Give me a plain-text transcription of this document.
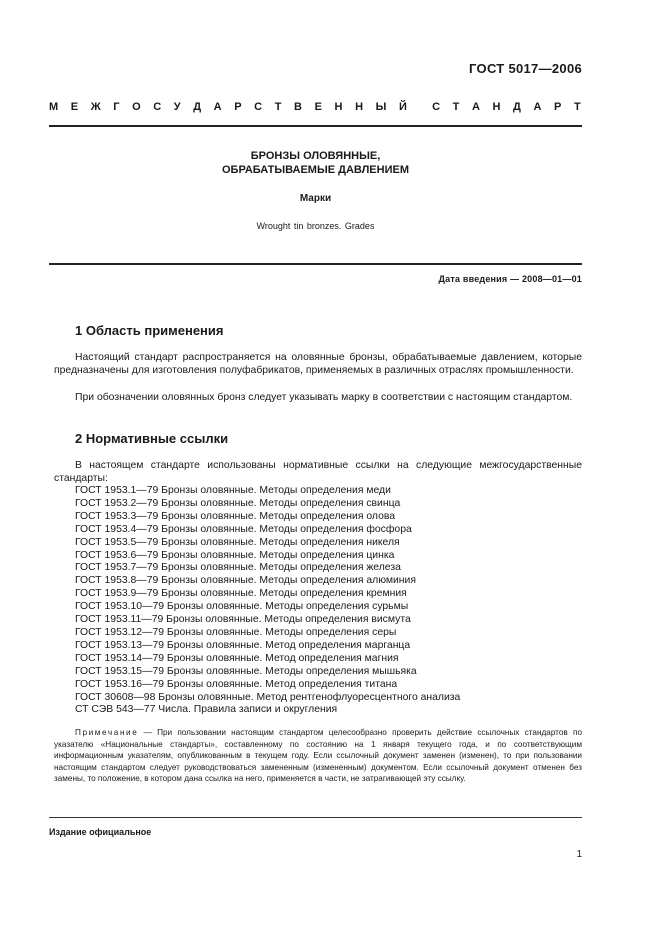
ГОСТ 5017—2006
М Е Ж Г О С У Д А Р С Т В Е Н Н Ы Й С Т А Н Д А Р Т
БРОНЗЫ ОЛОВЯННЫЕ,
ОБРАБАТЫВАЕМЫЕ ДАВЛЕНИЕМ
Марки
Wrought tin bronzes. Grades
Дата введения — 2008—01—01
1 Область применения

Настоящий стандарт распространяется на оловянные бронзы, обрабатываемые давлением, которые предназначены для изготовления полуфабрикатов, применяемых в различных отраслях промышленности.

При обозначении оловянных бронз следует указывать марку в соответствии с настоящим стандартом.

2 Нормативные ссылки

В настоящем стандарте использованы нормативные ссылки на следующие межгосударственные стандарты:

ГОСТ 1953.1—79 Бронзы оловянные. Методы определения меди
ГОСТ 1953.2—79 Бронзы оловянные. Методы определения свинца
ГОСТ 1953.3—79 Бронзы оловянные. Методы определения олова
ГОСТ 1953.4—79 Бронзы оловянные. Методы определения фосфора
ГОСТ 1953.5—79 Бронзы оловянные. Методы определения никеля
ГОСТ 1953.6—79 Бронзы оловянные. Методы определения цинка
ГОСТ 1953.7—79 Бронзы оловянные. Методы определения железа
ГОСТ 1953.8—79 Бронзы оловянные. Методы определения алюминия
ГОСТ 1953.9—79 Бронзы оловянные. Методы определения кремния
ГОСТ 1953.10—79 Бронзы оловянные. Методы определения сурьмы
ГОСТ 1953.11—79 Бронзы оловянные. Методы определения висмута
ГОСТ 1953.12—79 Бронзы оловянные. Методы определения серы
ГОСТ 1953.13—79 Бронзы оловянные. Метод определения марганца
ГОСТ 1953.14—79 Бронзы оловянные. Метод определения магния
ГОСТ 1953.15—79 Бронзы оловянные. Методы определения мышьяка
ГОСТ 1953.16—79 Бронзы оловянные. Метод определения титана
ГОСТ 30608—98 Бронзы оловянные. Метод рентгенофлуоресцентного анализа
СТ СЭВ 543—77 Числа. Правила записи и округления

Примечание — При пользовании настоящим стандартом целесообразно проверить действие ссылочных стандартов по указателю «Национальные стандарты», составленному по состоянию на 1 января текущего года, и по соответствующим информационным указателям, опубликованным в текущем году. Если ссылочный документ заменен (изменен), то при пользовании настоящим стандартом следует руководствоваться замененным (измененным) документом. Если ссылочный документ отменен без замены, то положение, в котором дана ссылка на него, применяется в части, не затрагивающей эту ссылку.

Издание официальное
1
